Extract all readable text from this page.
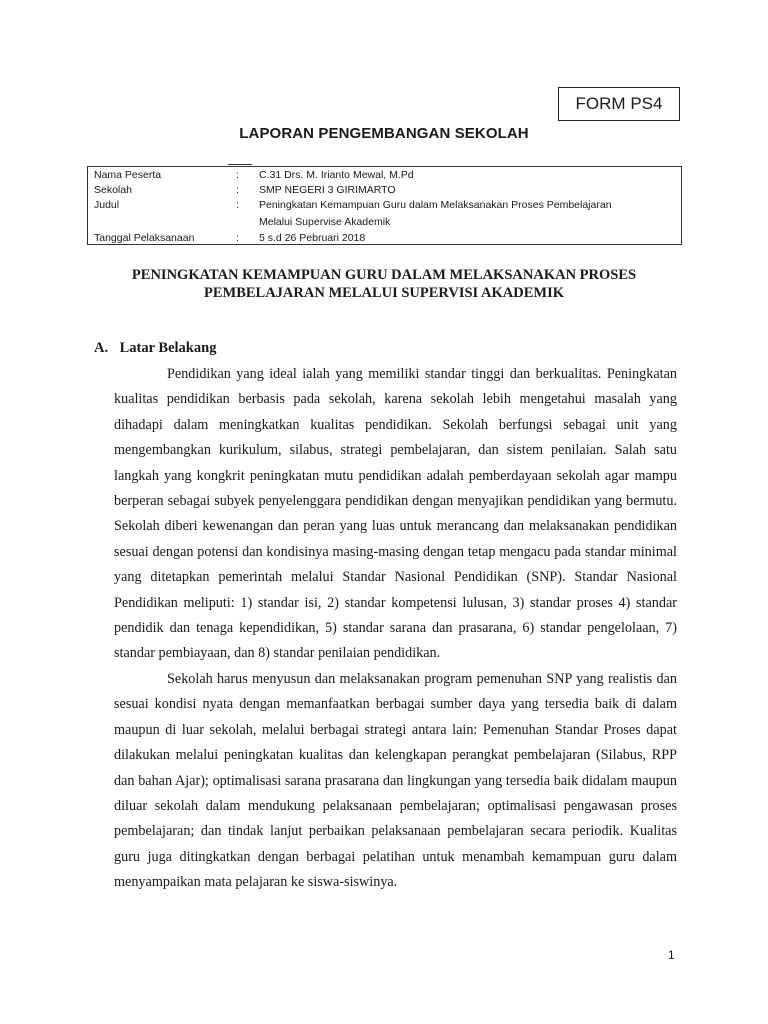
FORM PS4
LAPORAN PENGEMBANGAN SEKOLAH
Nama Peserta	: C.31 Drs. M. Irianto Mewal, M.Pd
Sekolah	: SMP NEGERI 3 GIRIMARTO
Judul	: Peningkatan Kemampuan Guru dalam Melaksanakan Proses Pembelajaran
Melalui Supervise Akademik
Tanggal Pelaksanaan	: 5 s.d 26 Pebruari 2018
PENINGKATAN KEMAMPUAN GURU DALAM MELAKSANAKAN PROSES
PEMBELAJARAN MELALUI SUPERVISI AKADEMIK
A. Latar Belakang

Pendidikan yang ideal ialah yang memiliki standar tinggi dan berkualitas. Peningkatan kualitas pendidikan berbasis pada sekolah, karena sekolah lebih mengetahui masalah yang dihadapi dalam meningkatkan kualitas pendidikan. Sekolah berfungsi sebagai unit yang mengembangkan kurikulum, silabus, strategi pembelajaran, dan sistem penilaian. Salah satu langkah yang kongkrit peningkatan mutu pendidikan adalah pemberdayaan sekolah agar mampu berperan sebagai subyek penyelenggara pendidikan dengan menyajikan pendidikan yang bermutu. Sekolah diberi kewenangan dan peran yang luas untuk merancang dan melaksanakan pendidikan sesuai dengan potensi dan kondisinya masing-masing dengan tetap mengacu pada standar minimal yang ditetapkan pemerintah melalui Standar Nasional Pendidikan (SNP). Standar Nasional Pendidikan meliputi: 1) standar isi, 2) standar kompetensi lulusan, 3) standar proses 4) standar pendidik dan tenaga kependidikan, 5) standar sarana dan prasarana, 6) standar pengelolaan, 7) standar pembiayaan, dan 8) standar penilaian pendidikan.

Sekolah harus menyusun dan melaksanakan program pemenuhan SNP yang realistis dan sesuai kondisi nyata dengan memanfaatkan berbagai sumber daya yang tersedia baik di dalam maupun di luar sekolah, melalui berbagai strategi antara lain: Pemenuhan Standar Proses dapat dilakukan melalui peningkatan kualitas dan kelengkapan perangkat pembelajaran (Silabus, RPP dan bahan Ajar); optimalisasi sarana prasarana dan lingkungan yang tersedia baik didalam maupun diluar sekolah dalam mendukung pelaksanaan pembelajaran; optimalisasi pengawasan proses pembelajaran; dan tindak lanjut perbaikan pelaksanaan pembelajaran secara periodik. Kualitas guru juga ditingkatkan dengan berbagai pelatihan untuk menambah kemampuan guru dalam menyampaikan mata pelajaran ke siswa-siswinya.

1
